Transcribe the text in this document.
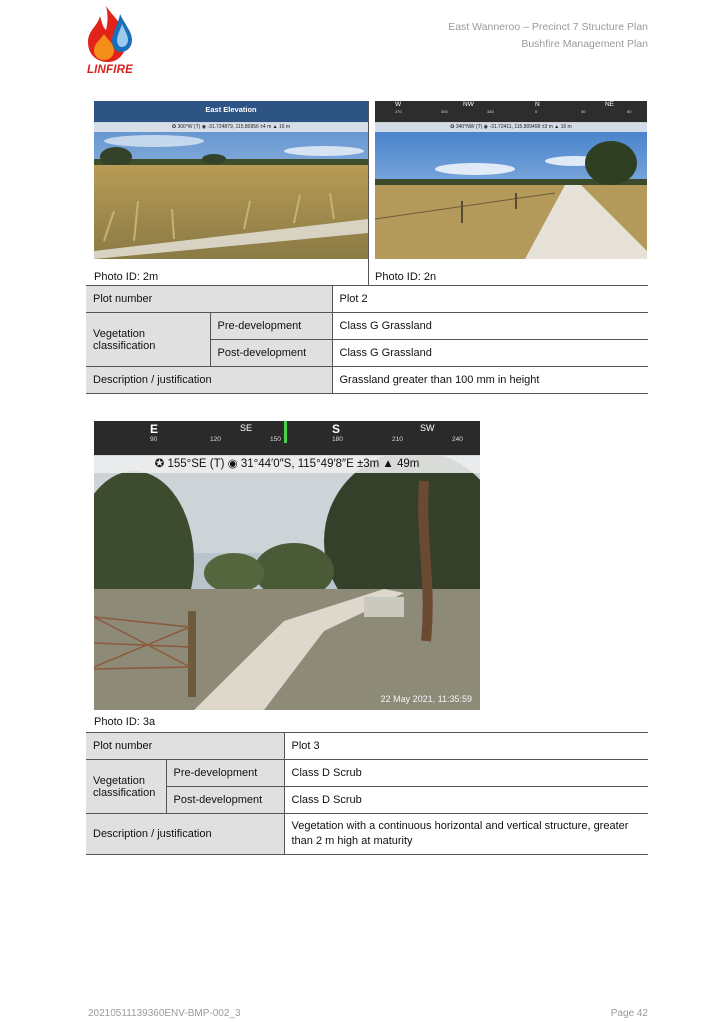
LINFIRE
East Wanneroo – Precinct 7 Structure Plan
Bushfire Management Plan
East Elevation
✪ 300°W (T) ◉ -31.724879, 115.80956 ±4 m ▲ 16 m
W	NW	N	NE
270	300	330	0	30	60
✪ 340°NW (T) ◉ -31.72411, 115.809499 ±3 m ▲ 16 m
Photo ID: 2m	Photo ID: 2n
Plot number		Plot 2
Vegetation classification	Pre-development	Class G Grassland
	Post-development	Class G Grassland
Description / justification		Grassland greater than 100 mm in height
E	SE	S	SW
90	120	150	180	210	240
✪ 155°SE (T) ◉ 31°44′0″S, 115°49′8″E ±3m ▲ 49m
22 May 2021, 11:35:59
Photo ID: 3a
Plot number		Plot 3
Vegetation classification	Pre-development	Class D Scrub
	Post-development	Class D Scrub
Description / justification		Vegetation with a continuous horizontal and vertical structure, greater than 2 m high at maturity
20210511139360ENV-BMP-002_3	Page 42
